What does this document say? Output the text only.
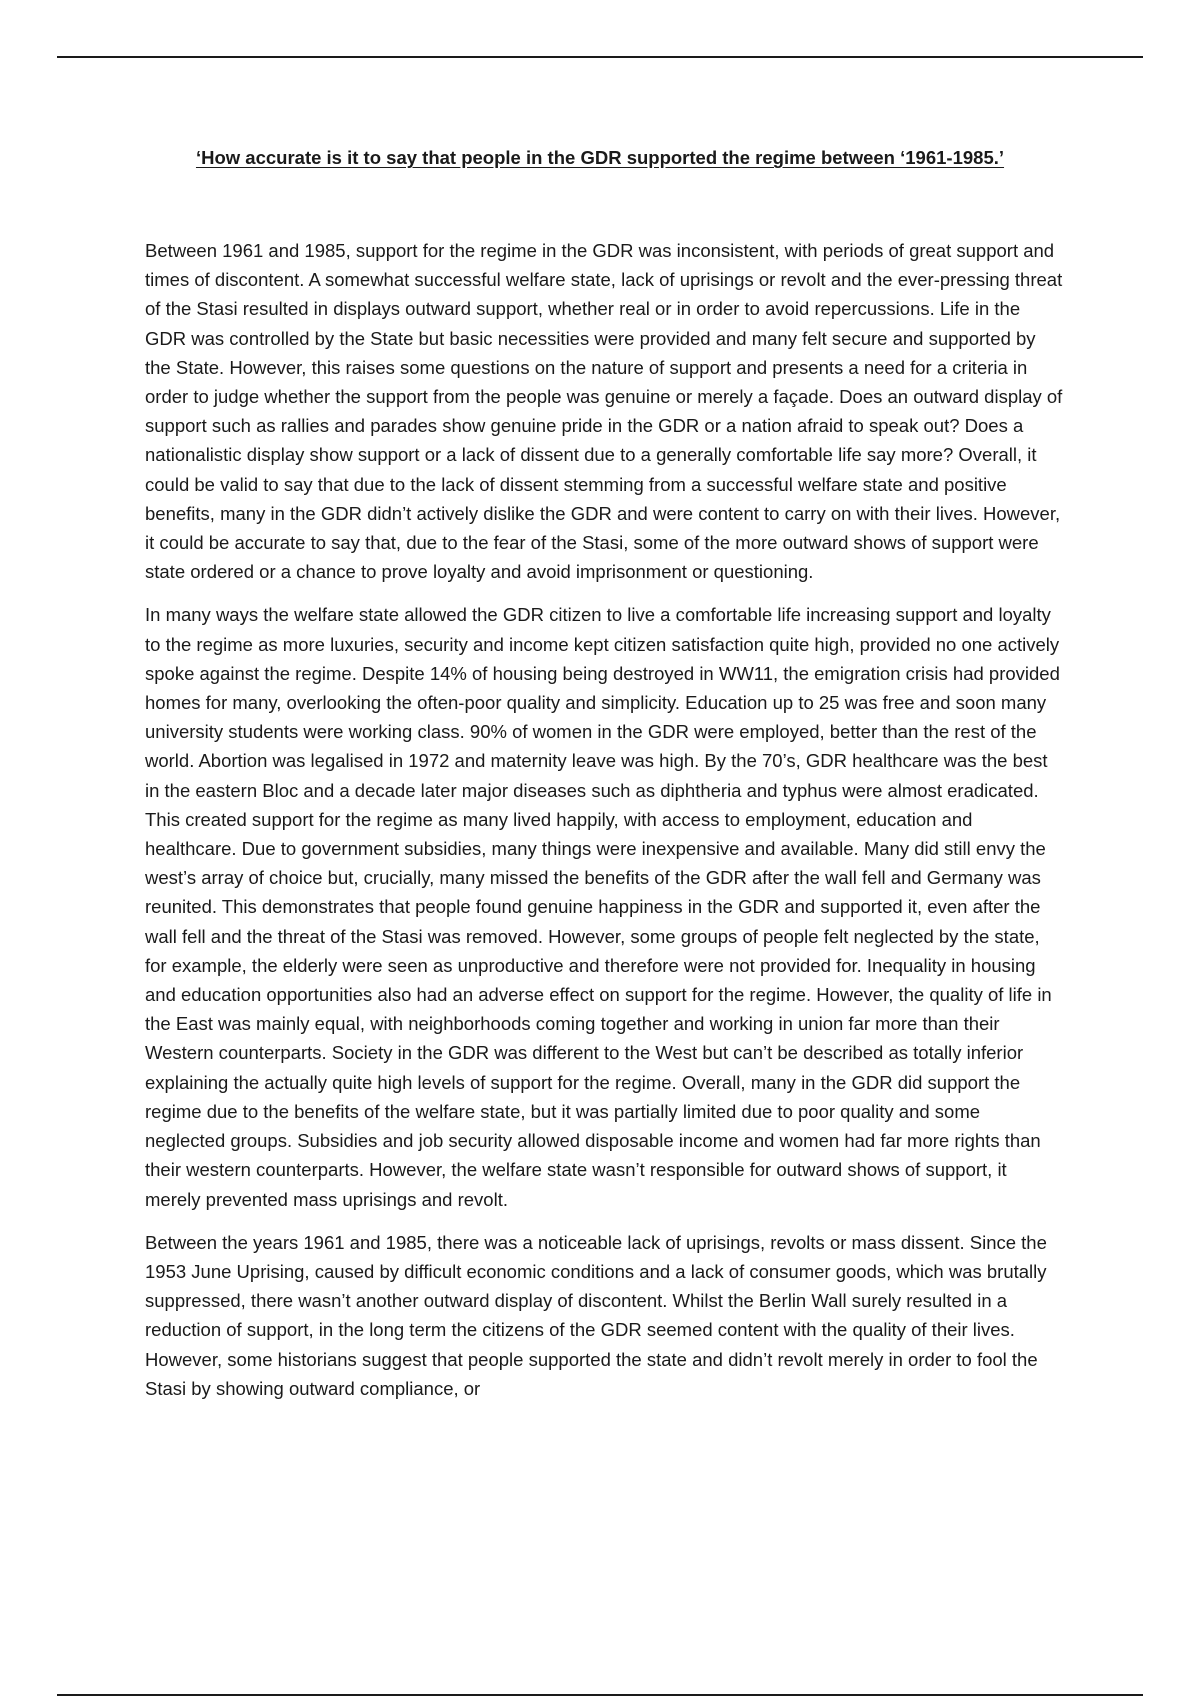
‘How accurate is it to say that people in the GDR supported the regime between ‘1961-1985.’

Between 1961 and 1985, support for the regime in the GDR was inconsistent, with periods of great support and times of discontent. A somewhat successful welfare state, lack of uprisings or revolt and the ever-pressing threat of the Stasi resulted in displays outward support, whether real or in order to avoid repercussions. Life in the GDR was controlled by the State but basic necessities were provided and many felt secure and supported by the State. However, this raises some questions on the nature of support and presents a need for a criteria in order to judge whether the support from the people was genuine or merely a façade. Does an outward display of support such as rallies and parades show genuine pride in the GDR or a nation afraid to speak out? Does a nationalistic display show support or a lack of dissent due to a generally comfortable life say more? Overall, it could be valid to say that due to the lack of dissent stemming from a successful welfare state and positive benefits, many in the GDR didn’t actively dislike the GDR and were content to carry on with their lives. However, it could be accurate to say that, due to the fear of the Stasi, some of the more outward shows of support were state ordered or a chance to prove loyalty and avoid imprisonment or questioning.

In many ways the welfare state allowed the GDR citizen to live a comfortable life increasing support and loyalty to the regime as more luxuries, security and income kept citizen satisfaction quite high, provided no one actively spoke against the regime. Despite 14% of housing being destroyed in WW11, the emigration crisis had provided homes for many, overlooking the often-poor quality and simplicity. Education up to 25 was free and soon many university students were working class. 90% of women in the GDR were employed, better than the rest of the world. Abortion was legalised in 1972 and maternity leave was high. By the 70’s, GDR healthcare was the best in the eastern Bloc and a decade later major diseases such as diphtheria and typhus were almost eradicated. This created support for the regime as many lived happily, with access to employment, education and healthcare. Due to government subsidies, many things were inexpensive and available. Many did still envy the west’s array of choice but, crucially, many missed the benefits of the GDR after the wall fell and Germany was reunited. This demonstrates that people found genuine happiness in the GDR and supported it, even after the wall fell and the threat of the Stasi was removed. However, some groups of people felt neglected by the state, for example, the elderly were seen as unproductive and therefore were not provided for. Inequality in housing and education opportunities also had an adverse effect on support for the regime. However, the quality of life in the East was mainly equal, with neighborhoods coming together and working in union far more than their Western counterparts. Society in the GDR was different to the West but can’t be described as totally inferior explaining the actually quite high levels of support for the regime. Overall, many in the GDR did support the regime due to the benefits of the welfare state, but it was partially limited due to poor quality and some neglected groups. Subsidies and job security allowed disposable income and women had far more rights than their western counterparts. However, the welfare state wasn’t responsible for outward shows of support, it merely prevented mass uprisings and revolt.

Between the years 1961 and 1985, there was a noticeable lack of uprisings, revolts or mass dissent. Since the 1953 June Uprising, caused by difficult economic conditions and a lack of consumer goods, which was brutally suppressed, there wasn’t another outward display of discontent. Whilst the Berlin Wall surely resulted in a reduction of support, in the long term the citizens of the GDR seemed content with the quality of their lives. However, some historians suggest that people supported the state and didn’t revolt merely in order to fool the Stasi by showing outward compliance, or
